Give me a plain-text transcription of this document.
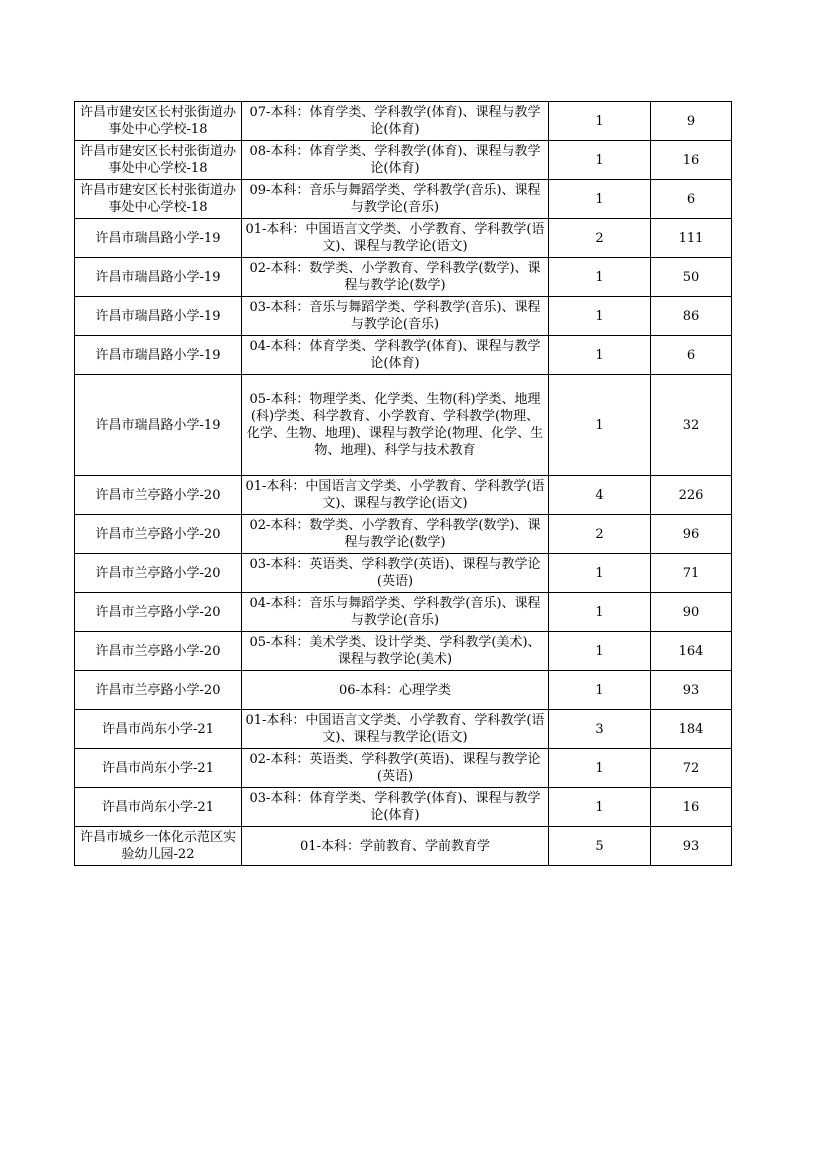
许昌市建安区长村张街道办事处中心学校-18	07-本科：体育学类、学科教学(体育)、课程与教学论(体育)	1	9
许昌市建安区长村张街道办事处中心学校-18	08-本科：体育学类、学科教学(体育)、课程与教学论(体育)	1	16
许昌市建安区长村张街道办事处中心学校-18	09-本科：音乐与舞蹈学类、学科教学(音乐)、课程与教学论(音乐)	1	6
许昌市瑞昌路小学-19	01-本科：中国语言文学类、小学教育、学科教学(语文)、课程与教学论(语文)	2	111
许昌市瑞昌路小学-19	02-本科：数学类、小学教育、学科教学(数学)、课程与教学论(数学)	1	50
许昌市瑞昌路小学-19	03-本科：音乐与舞蹈学类、学科教学(音乐)、课程与教学论(音乐)	1	86
许昌市瑞昌路小学-19	04-本科：体育学类、学科教学(体育)、课程与教学论(体育)	1	6
许昌市瑞昌路小学-19	05-本科：物理学类、化学类、生物(科)学类、地理(科)学类、科学教育、小学教育、学科教学(物理、化学、生物、地理)、课程与教学论(物理、化学、生物、地理)、科学与技术教育	1	32
许昌市兰亭路小学-20	01-本科：中国语言文学类、小学教育、学科教学(语文)、课程与教学论(语文)	4	226
许昌市兰亭路小学-20	02-本科：数学类、小学教育、学科教学(数学)、课程与教学论(数学)	2	96
许昌市兰亭路小学-20	03-本科：英语类、学科教学(英语)、课程与教学论(英语)	1	71
许昌市兰亭路小学-20	04-本科：音乐与舞蹈学类、学科教学(音乐)、课程与教学论(音乐)	1	90
许昌市兰亭路小学-20	05-本科：美术学类、设计学类、学科教学(美术)、课程与教学论(美术)	1	164
许昌市兰亭路小学-20	06-本科：心理学类	1	93
许昌市尚东小学-21	01-本科：中国语言文学类、小学教育、学科教学(语文)、课程与教学论(语文)	3	184
许昌市尚东小学-21	02-本科：英语类、学科教学(英语)、课程与教学论(英语)	1	72
许昌市尚东小学-21	03-本科：体育学类、学科教学(体育)、课程与教学论(体育)	1	16
许昌市城乡一体化示范区实验幼儿园-22	01-本科：学前教育、学前教育学	5	93
